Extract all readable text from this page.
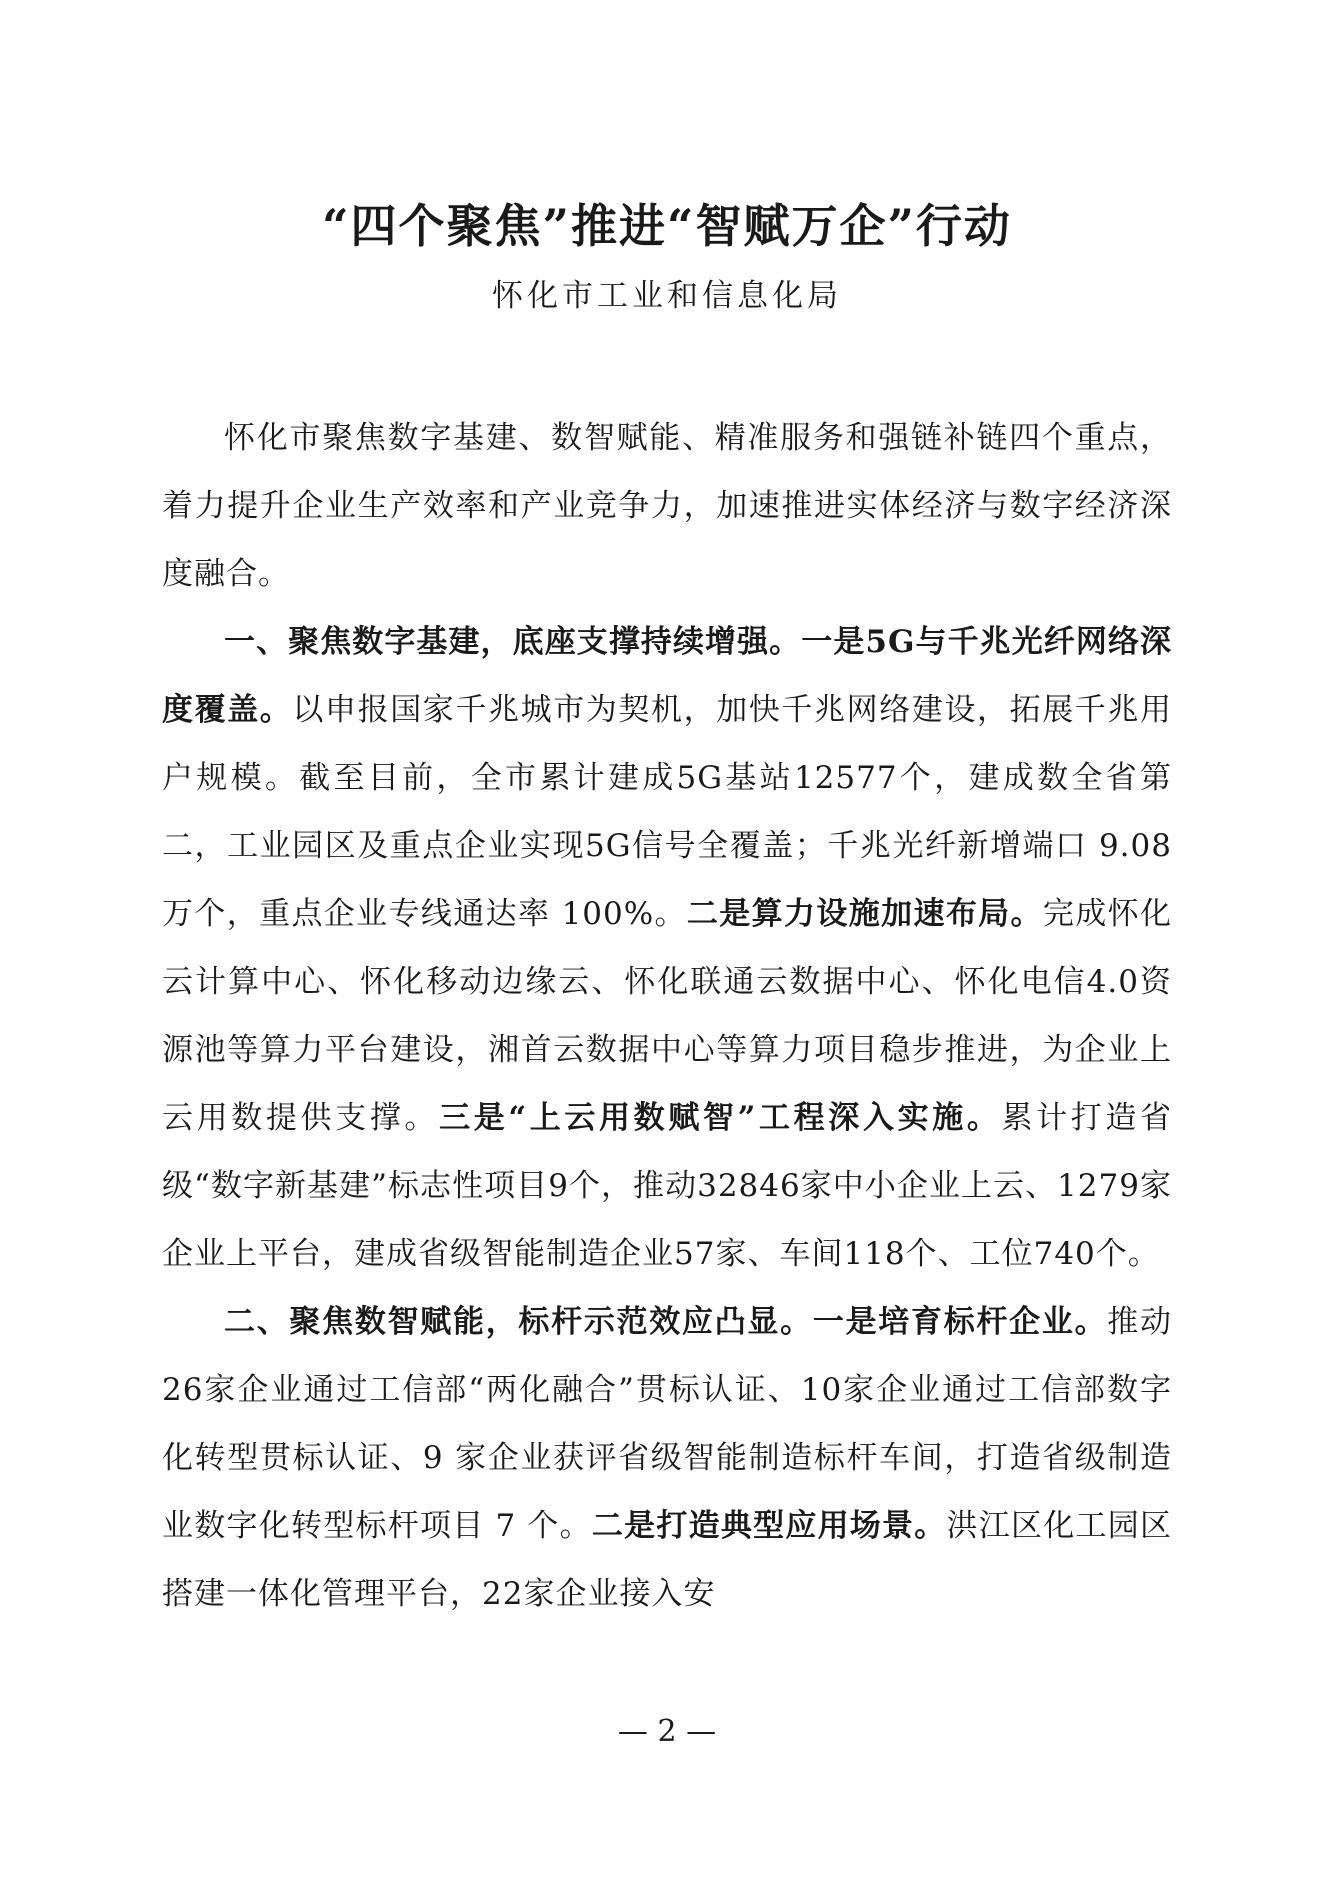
“四个聚焦”推进“智赋万企”行动
怀化市工业和信息化局

怀化市聚焦数字基建、数智赋能、精准服务和强链补链四个重点，着力提升企业生产效率和产业竞争力，加速推进实体经济与数字经济深度融合。

一、聚焦数字基建，底座支撑持续增强。一是5G与千兆光纤网络深度覆盖。以申报国家千兆城市为契机，加快千兆网络建设，拓展千兆用户规模。截至目前，全市累计建成5G基站12577个，建成数全省第二，工业园区及重点企业实现5G信号全覆盖；千兆光纤新增端口 9.08 万个，重点企业专线通达率 100%。二是算力设施加速布局。完成怀化云计算中心、怀化移动边缘云、怀化联通云数据中心、怀化电信4.0资源池等算力平台建设，湘首云数据中心等算力项目稳步推进，为企业上云用数提供支撑。三是“上云用数赋智”工程深入实施。累计打造省级“数字新基建”标志性项目9个，推动32846家中小企业上云、1279家企业上平台，建成省级智能制造企业57家、车间118个、工位740个。

二、聚焦数智赋能，标杆示范效应凸显。一是培育标杆企业。推动26家企业通过工信部“两化融合”贯标认证、10家企业通过工信部数字化转型贯标认证、9 家企业获评省级智能制造标杆车间，打造省级制造业数字化转型标杆项目 7 个。二是打造典型应用场景。洪江区化工园区搭建一体化管理平台，22家企业接入安

— 2 —
